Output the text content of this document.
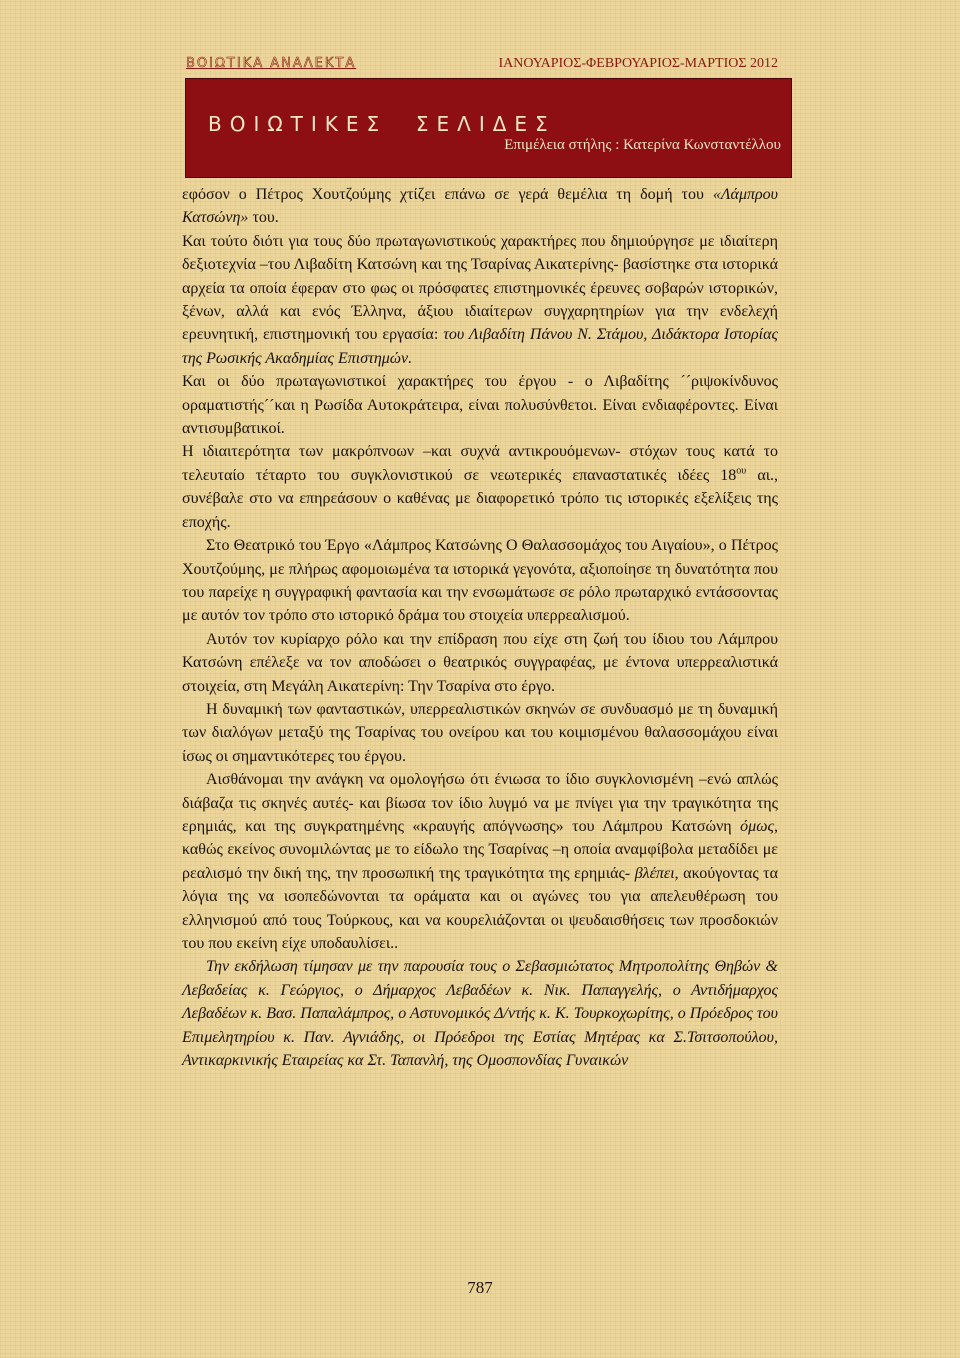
ΒΟΙΩΤΙΚΑ ΑΝΑΛΕΚΤΑ	ΙΑΝΟΥΑΡΙΟΣ-ΦΕΒΡΟΥΑΡΙΟΣ-ΜΑΡΤΙΟΣ 2012
ΒΟΙΩΤΙΚΕΣ  ΣΕΛΙΔΕΣ
Επιμέλεια στήλης : Κατερίνα Κωνσταντέλλου

εφόσον ο Πέτρος Χουτζούμης χτίζει επάνω σε γερά θεμέλια τη δομή του «Λάμπρου Κατσώνη» του.

Και τούτο διότι για τους δύο πρωταγωνιστικούς χαρακτήρες που δημιούργησε με ιδιαίτερη δεξιοτεχνία –του Λιβαδίτη Κατσώνη και της Τσαρίνας Αικατερίνης- βασίστηκε στα ιστορικά αρχεία τα οποία έφεραν στο φως οι πρόσφατες επιστημονικές έρευνες σοβαρών ιστορικών, ξένων, αλλά και ενός Έλληνα, άξιου ιδιαίτερων συγχαρητηρίων για την ενδελεχή ερευνητική, επιστημονική του εργασία: του Λιβαδίτη Πάνου Ν. Στάμου, Διδάκτορα Ιστορίας της Ρωσικής Ακαδημίας Επιστημών.

Και οι δύο πρωταγωνιστικοί χαρακτήρες του έργου - ο Λιβαδίτης ´´ριψοκίνδυνος οραματιστής´´και η Ρωσίδα Αυτοκράτειρα, είναι πολυσύνθετοι. Είναι ενδιαφέροντες. Είναι αντισυμβατικοί.

Η ιδιαιτερότητα των μακρόπνοων –και συχνά αντικρουόμενων- στόχων τους κατά το τελευταίο τέταρτο του συγκλονιστικού σε νεωτερικές επαναστατικές ιδέες $18^{o\upsilon}$ αι., συνέβαλε στο να επηρεάσουν ο καθένας με διαφορετικό τρόπο τις ιστορικές εξελίξεις της εποχής.

Στο Θεατρικό του Έργο «Λάμπρος Κατσώνης Ο Θαλασσομάχος του Αιγαίου», ο Πέτρος Χουτζούμης, με πλήρως αφομοιωμένα τα ιστορικά γεγονότα, αξιοποίησε τη δυνατότητα που του παρείχε η συγγραφική φαντασία και την ενσωμάτωσε σε ρόλο πρωταρχικό εντάσσοντας με αυτόν τον τρόπο στο ιστορικό δράμα του στοιχεία υπερρεαλισμού.

Αυτόν τον κυρίαρχο ρόλο και την επίδραση που είχε στη ζωή του ίδιου του Λάμπρου Κατσώνη επέλεξε να τον αποδώσει ο θεατρικός συγγραφέας, με έντονα υπερρεαλιστικά στοιχεία, στη Μεγάλη Αικατερίνη: Την Τσαρίνα στο έργο.

Η δυναμική των φανταστικών, υπερρεαλιστικών σκηνών σε συνδυασμό με τη δυναμική των διαλόγων μεταξύ της Τσαρίνας του ονείρου και του κοιμισμένου θαλασσομάχου είναι ίσως οι σημαντικότερες του έργου.

Αισθάνομαι την ανάγκη να ομολογήσω ότι ένιωσα το ίδιο συγκλονισμένη –ενώ απλώς διάβαζα τις σκηνές αυτές- και βίωσα τον ίδιο λυγμό να με πνίγει για την τραγικότητα της ερημιάς, και της συγκρατημένης «κραυγής απόγνωσης» του Λάμπρου Κατσώνη όμως, καθώς εκείνος συνομιλώντας με το είδωλο της Τσαρίνας –η οποία αναμφίβολα μεταδίδει με ρεαλισμό την δική της, την προσωπική της τραγικότητα της ερημιάς- βλέπει, ακούγοντας τα λόγια της να ισοπεδώνονται τα οράματα και οι αγώνες του για απελευθέρωση του ελληνισμού από τους Τούρκους, και να κουρελιάζονται οι ψευδαισθήσεις των προσδοκιών του που εκείνη είχε υποδαυλίσει..

Την εκδήλωση τίμησαν με την παρουσία τους ο Σεβασμιώτατος Μητροπολίτης Θηβών & Λεβαδείας κ. Γεώργιος, ο Δήμαρχος Λεβαδέων κ. Νικ. Παπαγγελής, ο Αντιδήμαρχος Λεβαδέων κ. Βασ. Παπαλάμπρος, ο Αστυνομικός Δ/ντής κ. Κ. Τουρκοχωρίτης, ο Πρόεδρος του Επιμελητηρίου κ. Παν. Αγνιάδης, οι Πρόεδροι της Εστίας Μητέρας κα Σ.Τσιτσοπούλου, Αντικαρκινικής Εταιρείας κα Στ. Ταπανλή, της Ομοσπονδίας Γυναικών

787
